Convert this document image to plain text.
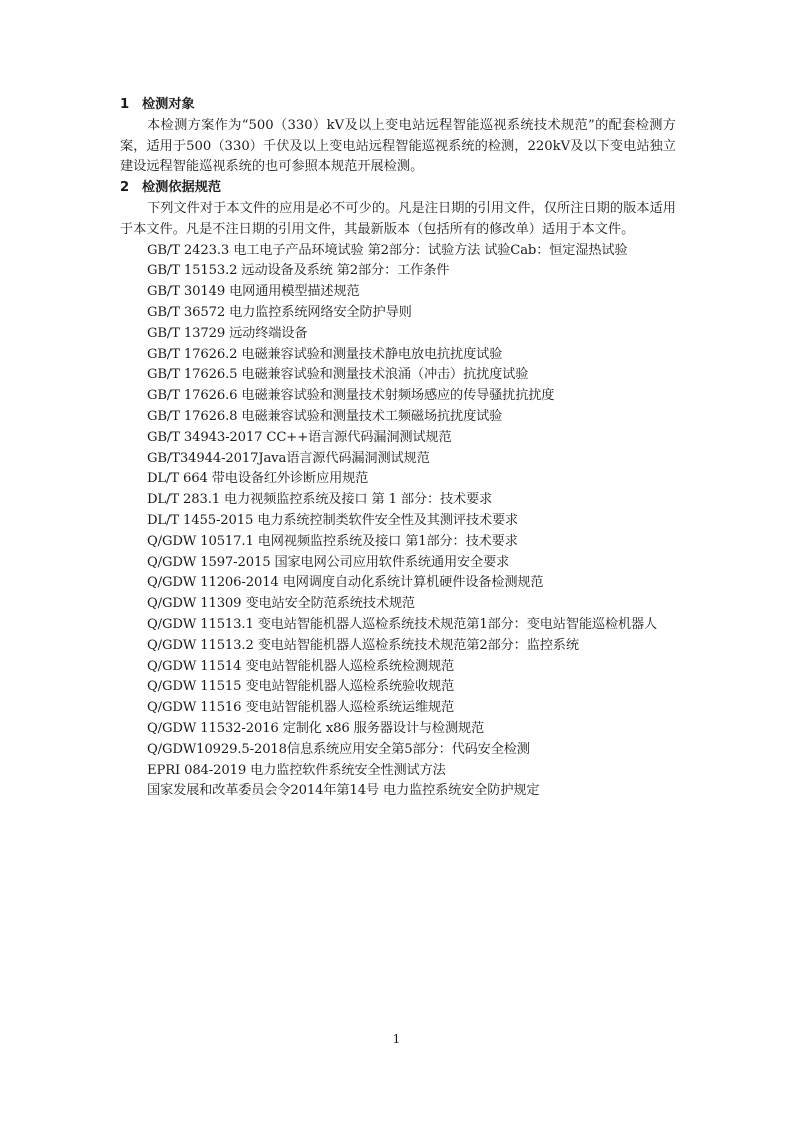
1 检测对象

本检测方案作为“500（330）kV及以上变电站远程智能巡视系统技术规范”的配套检测方案，适用于500（330）千伏及以上变电站远程智能巡视系统的检测，220kV及以下变电站独立建设远程智能巡视系统的也可参照本规范开展检测。

2 检测依据规范

下列文件对于本文件的应用是必不可少的。凡是注日期的引用文件，仅所注日期的版本适用于本文件。凡是不注日期的引用文件，其最新版本（包括所有的修改单）适用于本文件。

GB/T 2423.3 电工电子产品环境试验 第2部分：试验方法 试验Cab：恒定湿热试验
GB/T 15153.2 远动设备及系统 第2部分：工作条件
GB/T 30149 电网通用模型描述规范
GB/T 36572 电力监控系统网络安全防护导则
GB/T 13729 远动终端设备
GB/T 17626.2 电磁兼容试验和测量技术静电放电抗扰度试验
GB/T 17626.5 电磁兼容试验和测量技术浪涌（冲击）抗扰度试验
GB/T 17626.6 电磁兼容试验和测量技术射频场感应的传导骚扰抗扰度
GB/T 17626.8 电磁兼容试验和测量技术工频磁场抗扰度试验
GB/T 34943-2017 CC++语言源代码漏洞测试规范
GB/T34944-2017Java语言源代码漏洞测试规范
DL/T 664 带电设备红外诊断应用规范
DL/T 283.1 电力视频监控系统及接口 第 1 部分：技术要求
DL/T 1455-2015 电力系统控制类软件安全性及其测评技术要求
Q/GDW 10517.1 电网视频监控系统及接口 第1部分：技术要求
Q/GDW 1597-2015 国家电网公司应用软件系统通用安全要求
Q/GDW 11206-2014 电网调度自动化系统计算机硬件设备检测规范
Q/GDW 11309 变电站安全防范系统技术规范
Q/GDW 11513.1 变电站智能机器人巡检系统技术规范第1部分：变电站智能巡检机器人
Q/GDW 11513.2 变电站智能机器人巡检系统技术规范第2部分：监控系统
Q/GDW 11514 变电站智能机器人巡检系统检测规范
Q/GDW 11515 变电站智能机器人巡检系统验收规范
Q/GDW 11516 变电站智能机器人巡检系统运维规范
Q/GDW 11532-2016 定制化 x86 服务器设计与检测规范
Q/GDW10929.5-2018信息系统应用安全第5部分：代码安全检测
EPRI 084-2019 电力监控软件系统安全性测试方法
国家发展和改革委员会令2014年第14号 电力监控系统安全防护规定
1
